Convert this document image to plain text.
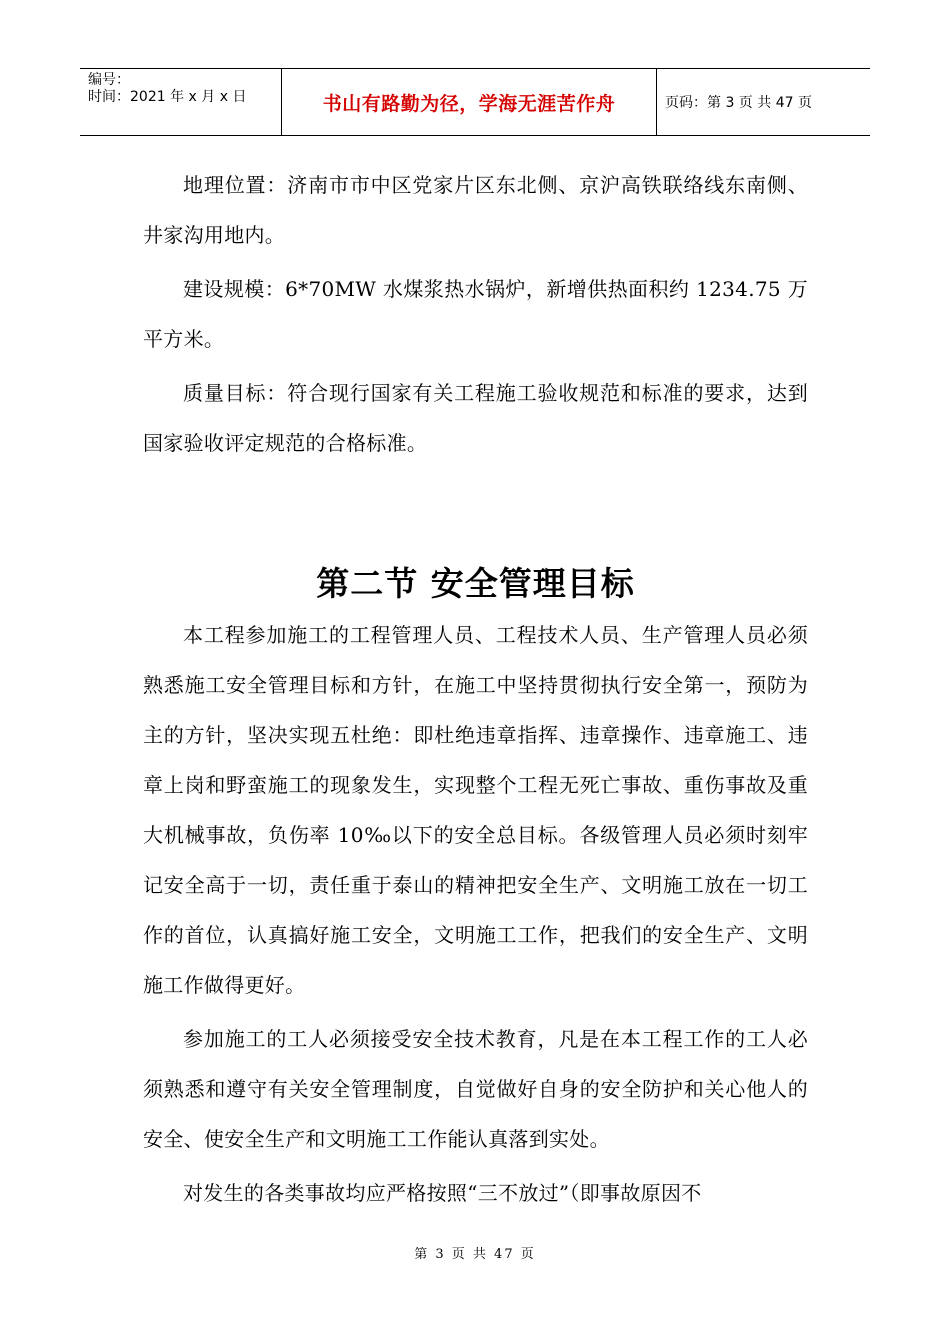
编号：
时间：2021 年 x 月 x 日	书山有路勤为径，学海无涯苦作舟	页码：第 3 页 共 47 页

地理位置：济南市市中区党家片区东北侧、京沪高铁联络线东南侧、井家沟用地内。

建设规模：6*70MW 水煤浆热水锅炉，新增供热面积约 1234.75 万平方米。

质量目标：符合现行国家有关工程施工验收规范和标准的要求，达到国家验收评定规范的合格标准。

第二节 安全管理目标

本工程参加施工的工程管理人员、工程技术人员、生产管理人员必须熟悉施工安全管理目标和方针，在施工中坚持贯彻执行安全第一，预防为主的方针，坚决实现五杜绝：即杜绝违章指挥、违章操作、违章施工、违章上岗和野蛮施工的现象发生，实现整个工程无死亡事故、重伤事故及重大机械事故，负伤率 10‰以下的安全总目标。各级管理人员必须时刻牢记安全高于一切，责任重于泰山的精神把安全生产、文明施工放在一切工作的首位，认真搞好施工安全，文明施工工作，把我们的安全生产、文明施工作做得更好。

参加施工的工人必须接受安全技术教育，凡是在本工程工作的工人必须熟悉和遵守有关安全管理制度，自觉做好自身的安全防护和关心他人的安全、使安全生产和文明施工工作能认真落到实处。

对发生的各类事故均应严格按照“三不放过”（即事故原因不

第 3 页 共 47 页
